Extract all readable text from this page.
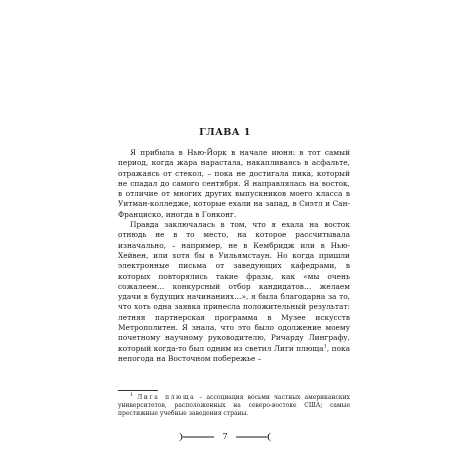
ГЛАВА 1

Я прибыла в Нью-Йорк в начале июня: в тот самый период, когда жара нарастала, накапливаясь в асфальте, отражаясь от стекол, – пока не достигала пика, который не спадал до самого сентября. Я направлялась на восток, в отличие от многих других выпускников моего класса в Уитман-колледже, которые ехали на запад, в Сиэтл и Сан-Франциско, иногда в Гонконг.

Правда заключалась в том, что я ехала на восток отнюдь не в то место, на которое рассчитывала изначально, – например, не в Кембридж или в Нью-Хейвен, или хотя бы в Уильямстаун. Но когда пришли электронные письма от заведующих кафедрами, в которых повторялись такие фразы, как «мы очень сожалеем… конкурсный отбор кандидатов… желаем удачи в будущих начинаниях…», я была благодарна за то, что хоть одна заявка принесла положительный результат: летняя партнерская программа в Музее искусств Метрополитен. Я знала, что это было одолжение моему почетному научному руководителю, Ричарду Линграфу, который когда-то был одним из светил Лиги плюща$^1$, пока непогода на Восточном побережье –

$^1$ Лига плюща – ассоциация восьми частных американских университетов, расположенных на северо-востоке США; самые престижные учебные заведения страны.

7
